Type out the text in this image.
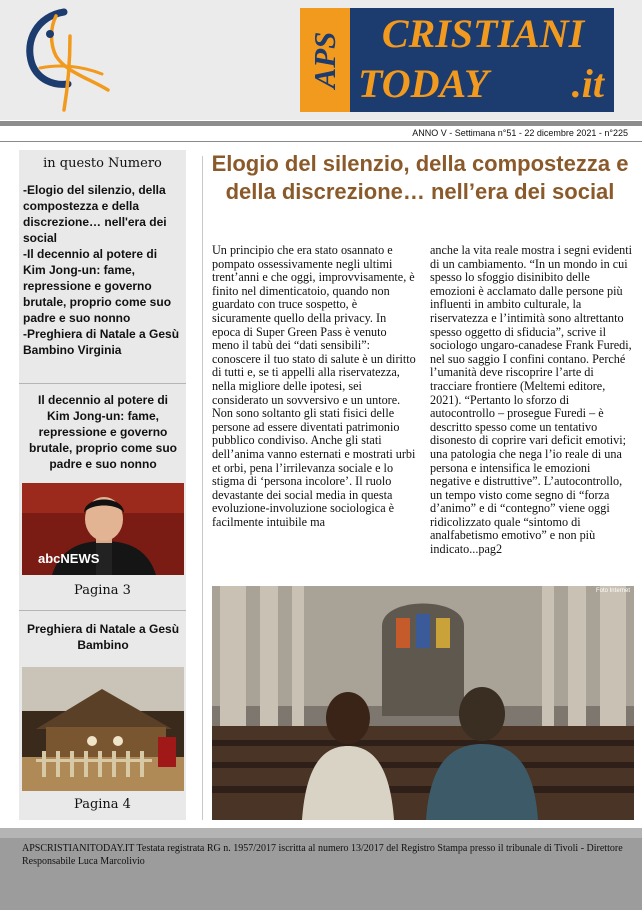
APS CRISTIANI
TODAY .it
ANNO V - Settimana n°51 - 22 dicembre 2021 - n°225
in questo Numero
-Elogio del silenzio, della compostezza e della discrezione… nell'era dei social
-Il decennio al potere di Kim Jong-un: fame, repressione e governo brutale, proprio come suo padre e suo nonno
-Preghiera di Natale a Gesù Bambino Virginia
Il decennio al potere di Kim Jong-un: fame, repressione e governo brutale, proprio come suo padre e suo nonno
abcNEWS
Pagina 3
Preghiera di Natale a Gesù Bambino
Pagina 4
Elogio del silenzio, della compostezza e della discrezione… nell’era dei social

Un principio che era stato osannato e pompato ossessivamente negli ultimi trent’anni e che oggi, improvvisamente, è finito nel dimenticatoio, quando non guardato con truce sospetto, è sicuramente quello della privacy. In epoca di Super Green Pass è venuto meno il tabù dei “dati sensibili”: conoscere il tuo stato di salute è un diritto di tutti e, se ti appelli alla riservatezza, nella migliore delle ipotesi, sei considerato un sovversivo e un untore.
Non sono soltanto gli stati fisici delle persone ad essere diventati patrimonio pubblico condiviso. Anche gli stati dell’anima vanno esternati e mostrati urbi et orbi, pena l’irrilevanza sociale e lo stigma di ‘persona incolore’. Il ruolo devastante dei social media in questa evoluzione-involuzione sociologica è facilmente intuibile ma

anche la vita reale mostra i segni evidenti di un cambiamento. “In un mondo in cui spesso lo sfoggio disinibito delle emozioni è acclamato dalle persone più influenti in ambito culturale, la riservatezza e l’intimità sono altrettanto spesso oggetto di sfiducia”, scrive il sociologo ungaro-canadese Frank Furedi, nel suo saggio I confini contano. Perché l’umanità deve riscoprire l’arte di tracciare frontiere (Meltemi editore, 2021). “Pertanto lo sforzo di autocontrollo – prosegue Furedi – è descritto spesso come un tentativo disonesto di coprire vari deficit emotivi; una patologia che nega l’io reale di una persona e intensifica le emozioni negative e distruttive”. L’autocontrollo, un tempo visto come segno di “forza d’animo” e di “contegno” viene oggi ridicolizzato quale “sintomo di analfabetismo emotivo” e non più indicato...pag2

Foto Internet
APSCRISTIANITODAY.IT Testata registrata RG n. 1957/2017 iscritta al numero 13/2017 del Registro Stampa presso il tribunale di Tivoli - Direttore Responsabile Luca Marcolivio
